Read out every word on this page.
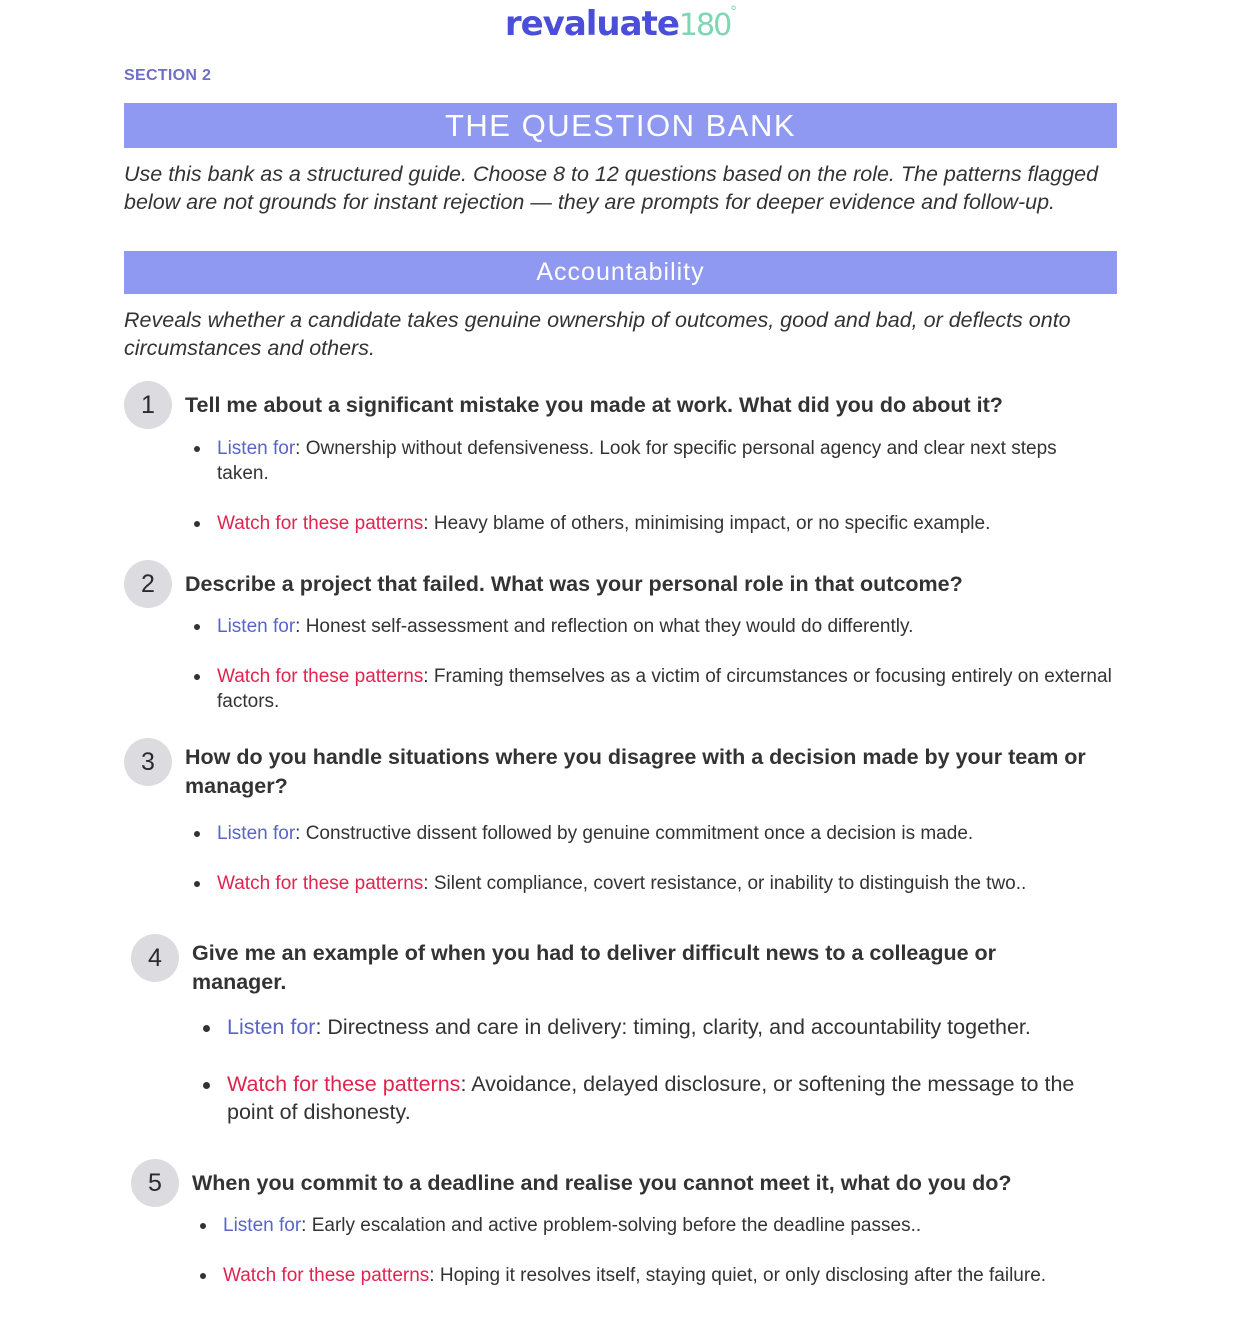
revaluate180°
SECTION 2
THE QUESTION BANK
Use this bank as a structured guide. Choose 8 to 12 questions based on the role. The patterns flagged below are not grounds for instant rejection — they are prompts for deeper evidence and follow-up.
Accountability
Reveals whether a candidate takes genuine ownership of outcomes, good and bad, or deflects onto circumstances and others.
1	Tell me about a significant mistake you made at work. What did you do about it?
Listen for: Ownership without defensiveness. Look for specific personal agency and clear next steps taken.
Watch for these patterns: Heavy blame of others, minimising impact, or no specific example.
2	Describe a project that failed. What was your personal role in that outcome?
Listen for: Honest self-assessment and reflection on what they would do differently.
Watch for these patterns: Framing themselves as a victim of circumstances or focusing entirely on external factors.
3	How do you handle situations where you disagree with a decision made by your team or manager?
Listen for: Constructive dissent followed by genuine commitment once a decision is made.
Watch for these patterns: Silent compliance, covert resistance, or inability to distinguish the two..
4	Give me an example of when you had to deliver difficult news to a colleague or manager.
Listen for: Directness and care in delivery: timing, clarity, and accountability together.
Watch for these patterns: Avoidance, delayed disclosure, or softening the message to the point of dishonesty.
5	When you commit to a deadline and realise you cannot meet it, what do you do?
Listen for: Early escalation and active problem-solving before the deadline passes..
Watch for these patterns: Hoping it resolves itself, staying quiet, or only disclosing after the failure.
